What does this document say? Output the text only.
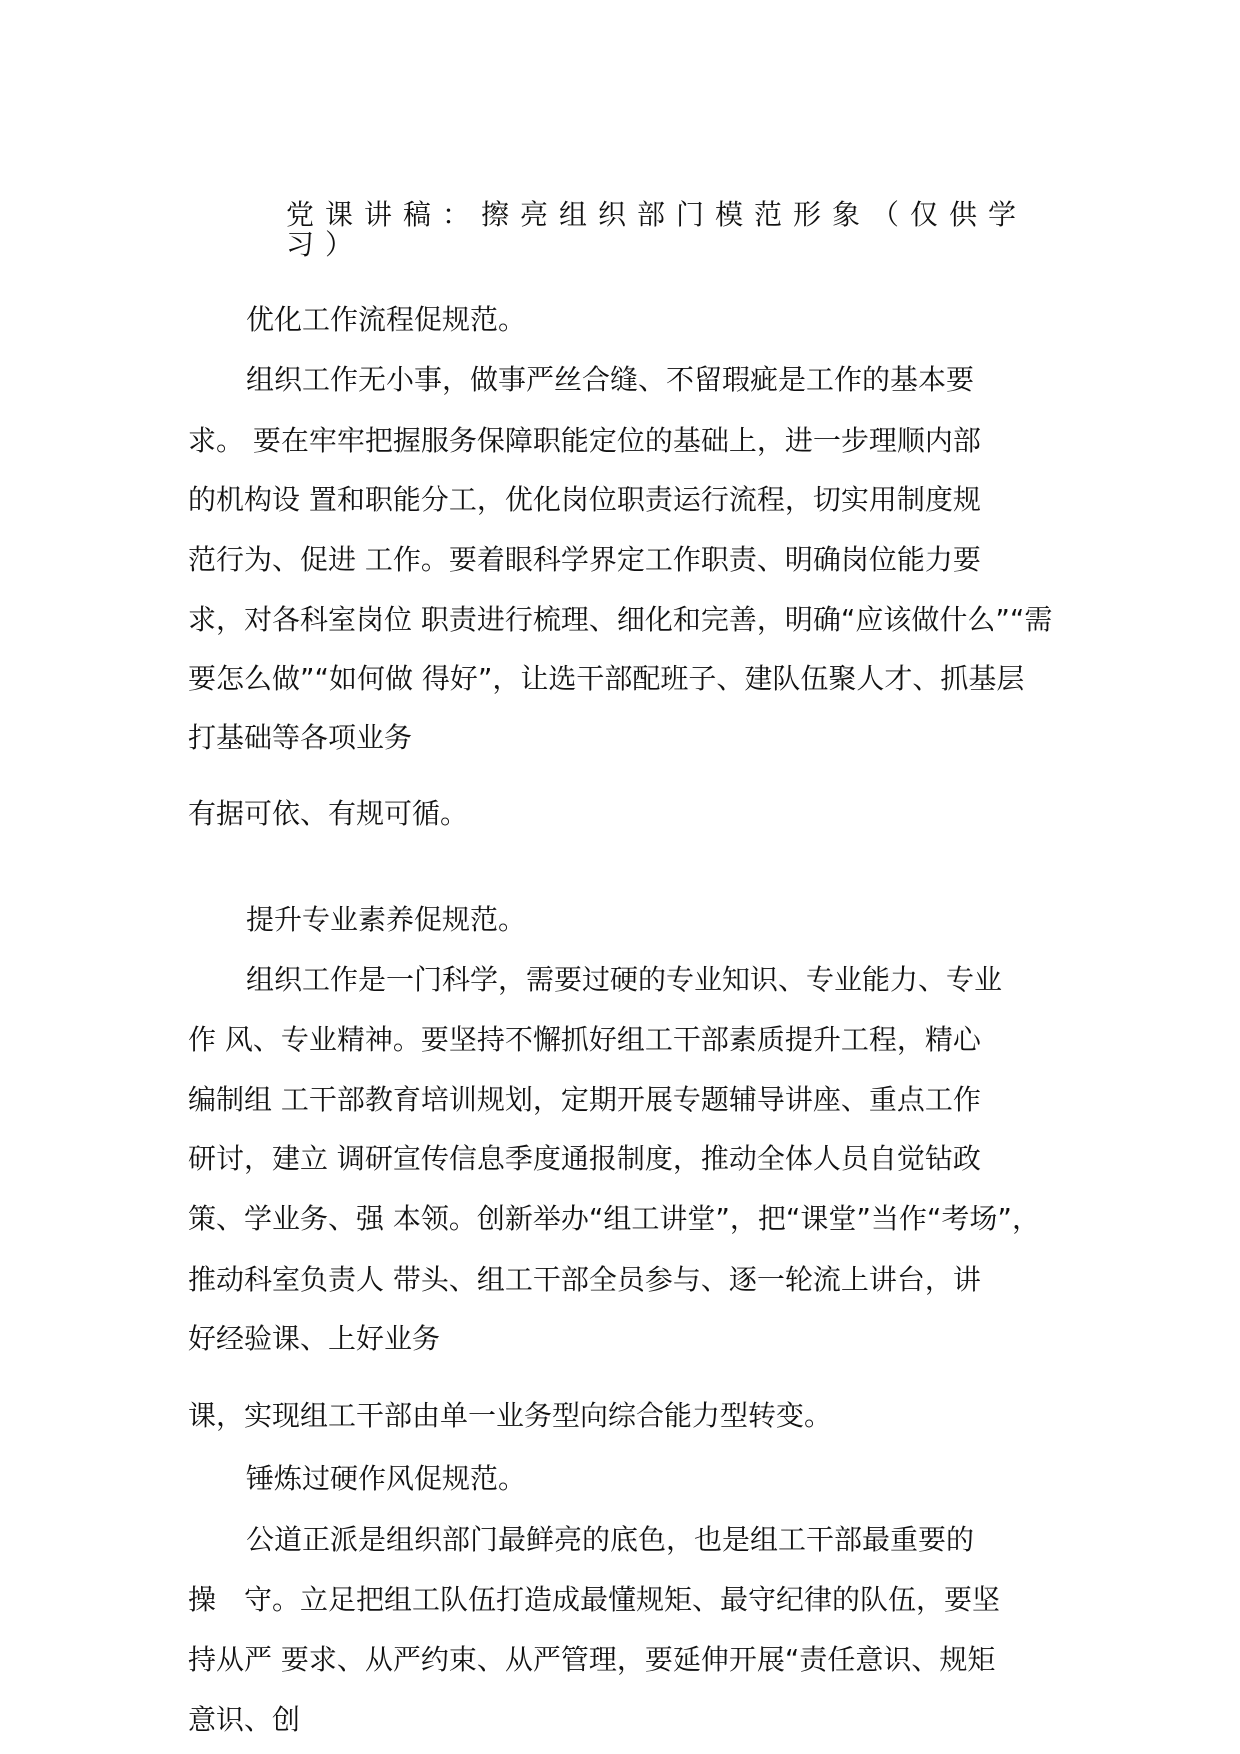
党课讲稿：擦亮组织部门模范形象（仅供学习）

优化工作流程促规范。

组织工作无小事，做事严丝合缝、不留瑕疵是工作的基本要

求。 要在牢牢把握服务保障职能定位的基础上，进一步理顺内部

的机构设 置和职能分工，优化岗位职责运行流程，切实用制度规

范行为、促进 工作。要着眼科学界定工作职责、明确岗位能力要

求，对各科室岗位 职责进行梳理、细化和完善，明确“应该做什么”“需

要怎么做”“如何做 得好”，让选干部配班子、建队伍聚人才、抓基层

打基础等各项业务

有据可依、有规可循。

提升专业素养促规范。

组织工作是一门科学，需要过硬的专业知识、专业能力、专业

作 风、专业精神。要坚持不懈抓好组工干部素质提升工程，精心

编制组 工干部教育培训规划，定期开展专题辅导讲座、重点工作

研讨，建立 调研宣传信息季度通报制度，推动全体人员自觉钻政

策、学业务、强 本领。创新举办“组工讲堂”，把“课堂”当作“考场”，

推动科室负责人 带头、组工干部全员参与、逐一轮流上讲台，讲

好经验课、上好业务

课，实现组工干部由单一业务型向综合能力型转变。

锤炼过硬作风促规范。

公道正派是组织部门最鲜亮的底色，也是组工干部最重要的

操　守。立足把组工队伍打造成最懂规矩、最守纪律的队伍，要坚

持从严 要求、从严约束、从严管理，要延伸开展“责任意识、规矩

意识、创
